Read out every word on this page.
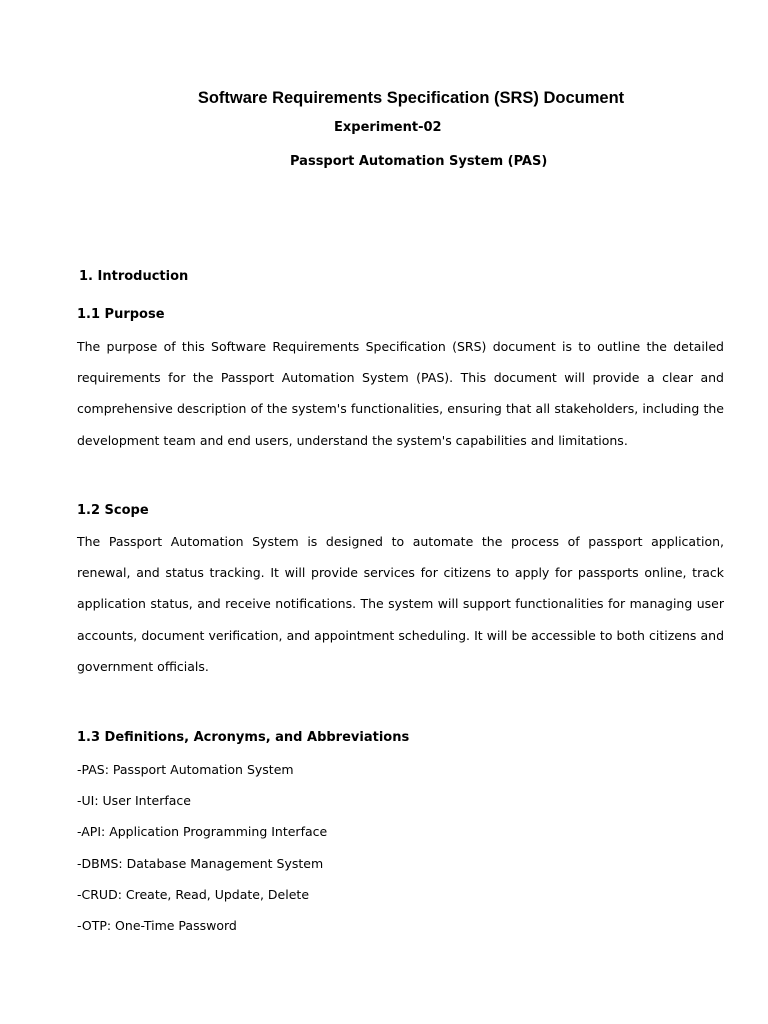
Software Requirements Specification (SRS) Document
Experiment-02
Passport Automation System (PAS)
1. Introduction
1.1 Purpose

The purpose of this Software Requirements Specification (SRS) document is to outline the detailed requirements for the Passport Automation System (PAS). This document will provide a clear and comprehensive description of the system's functionalities, ensuring that all stakeholders, including the development team and end users, understand the system's capabilities and limitations.

1.2 Scope

The Passport Automation System is designed to automate the process of passport application, renewal, and status tracking. It will provide services for citizens to apply for passports online, track application status, and receive notifications. The system will support functionalities for managing user accounts, document verification, and appointment scheduling. It will be accessible to both citizens and government officials.

1.3 Definitions, Acronyms, and Abbreviations
-PAS: Passport Automation System
-UI: User Interface
-API: Application Programming Interface
-DBMS: Database Management System
-CRUD: Create, Read, Update, Delete
-OTP: One-Time Password
